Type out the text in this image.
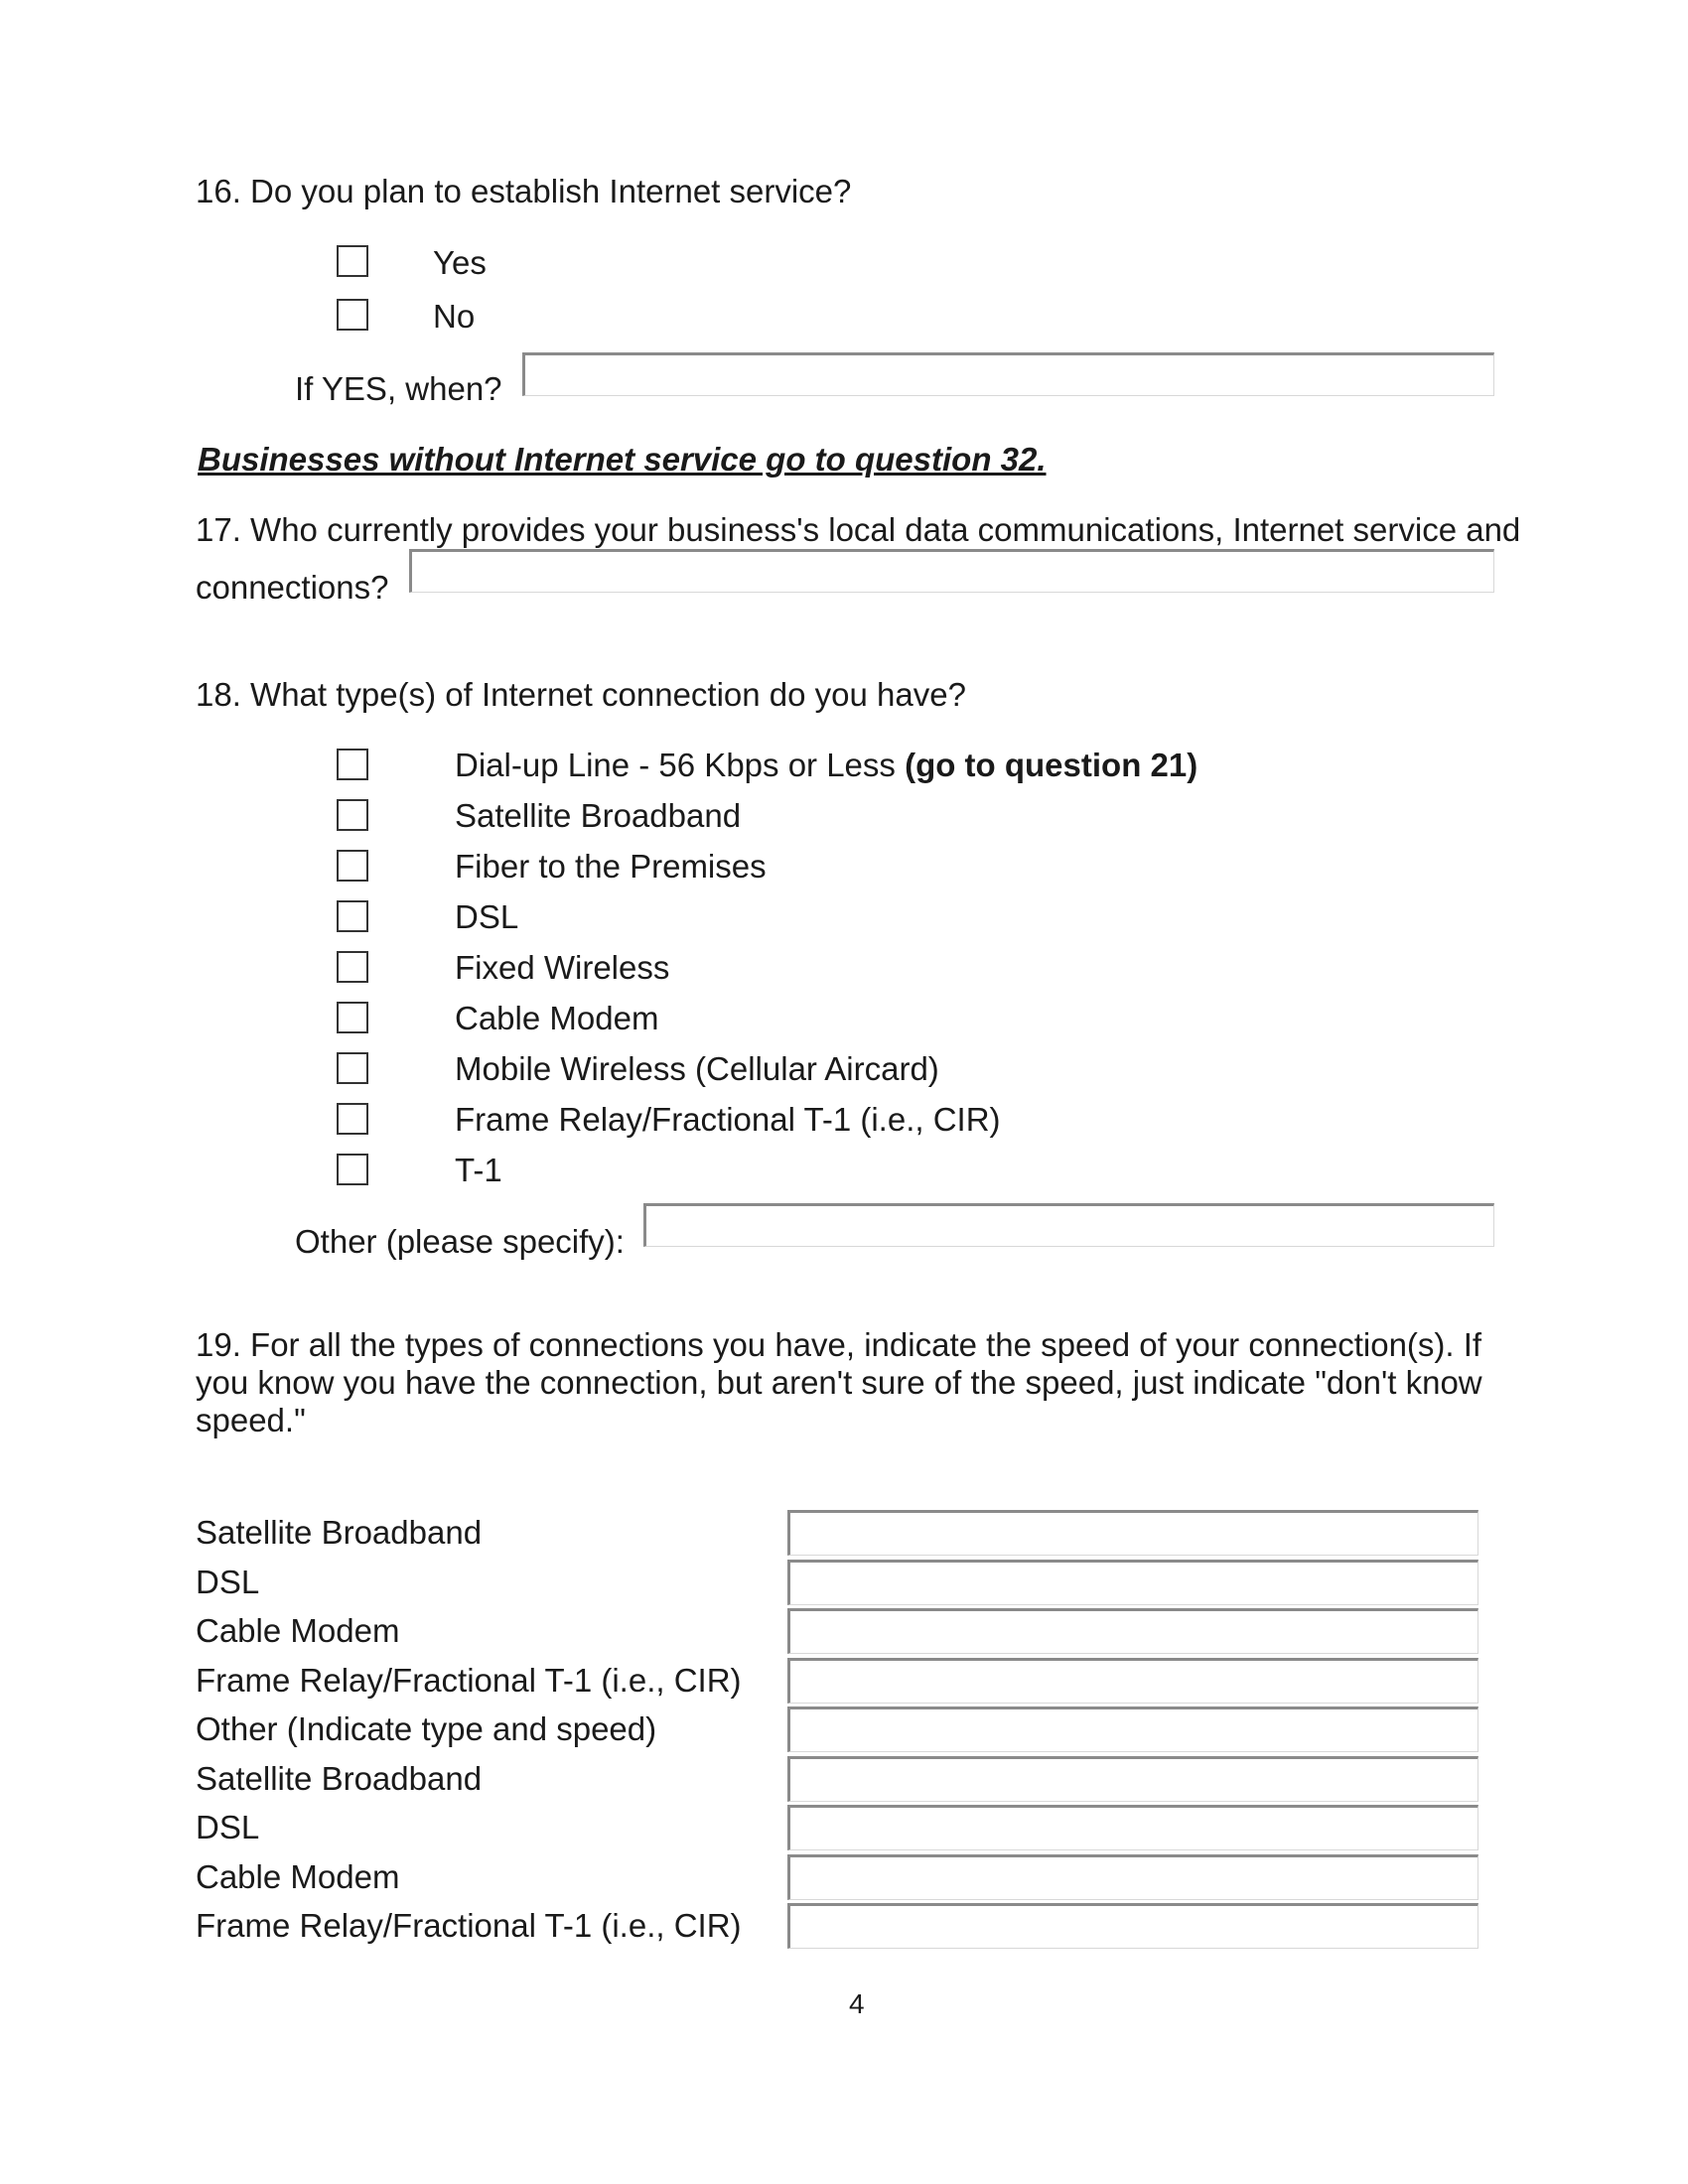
16. Do you plan to establish Internet service?
Yes
No
If YES, when?
Businesses without Internet service go to question 32.
17. Who currently provides your business's local data communications, Internet service and
connections?
18. What type(s) of Internet connection do you have?
Dial-up Line - 56 Kbps or Less (go to question 21)
Satellite Broadband
Fiber to the Premises
DSL
Fixed Wireless
Cable Modem
Mobile Wireless (Cellular Aircard)
Frame Relay/Fractional T-1 (i.e., CIR)
T-1
Other (please specify):
19. For all the types of connections you have, indicate the speed of your connection(s). If you know you have the connection, but aren't sure of the speed, just indicate "don't know speed."
Satellite Broadband
DSL
Cable Modem
Frame Relay/Fractional T-1 (i.e., CIR)
Other (Indicate type and speed)
Satellite Broadband
DSL
Cable Modem
Frame Relay/Fractional T-1 (i.e., CIR)
4
